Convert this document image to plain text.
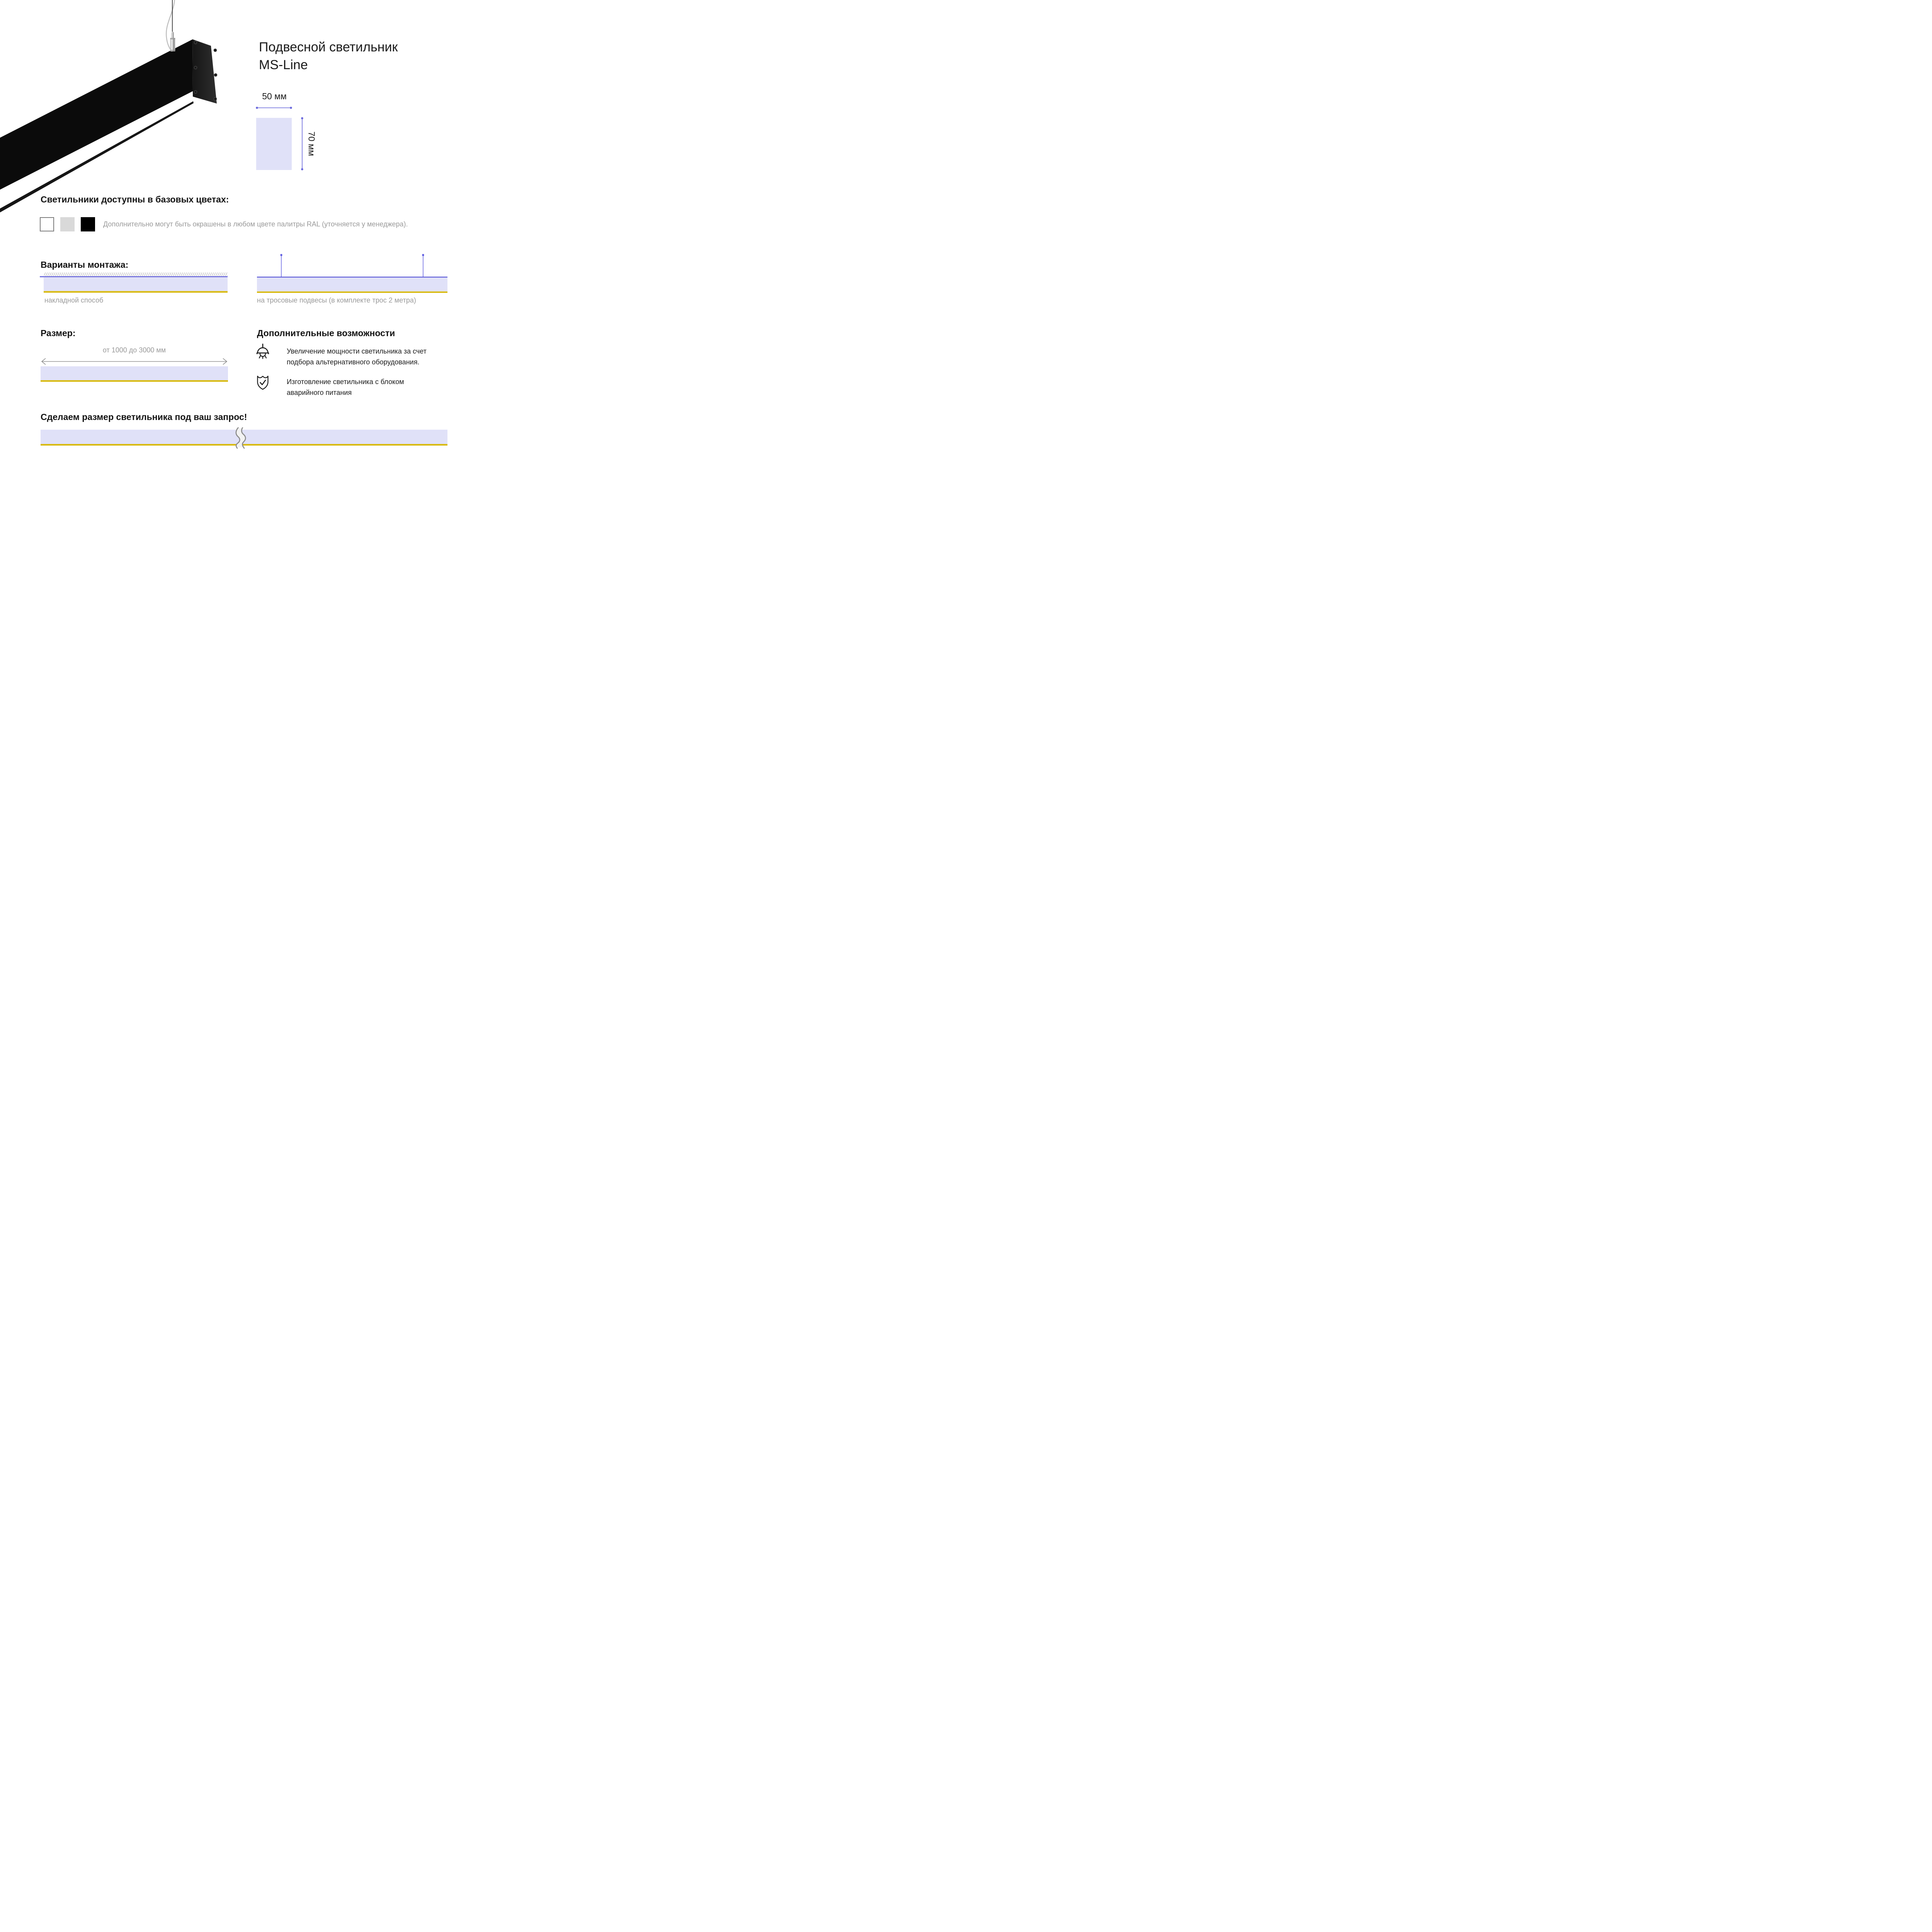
Подвесной светильник
MS-Line
50 мм
70 мм
Светильники доступны в базовых цветах:
Дополнительно могут быть окрашены в любом цвете палитры RAL (уточняется у менеджера).
Варианты монтажа:
накладной способ	на тросовые подвесы (в комплекте трос 2 метра)
Размер:
от 1000 до 3000 мм
Дополнительные возможности
Увеличение мощности светильника за счет
подбора альтернативного оборудования.
Изготовление светильника с блоком
аварийного питания
Сделаем размер светильника под ваш запрос!
